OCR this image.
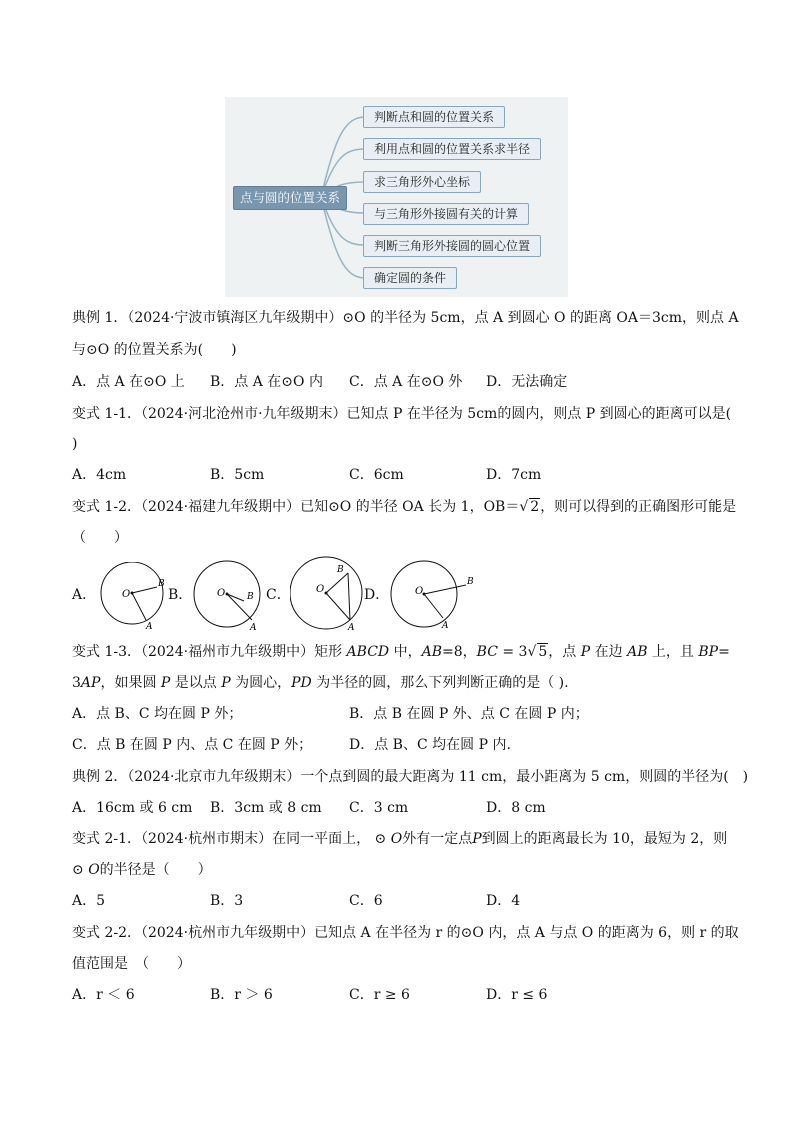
点与圆的位置关系
判断点和圆的位置关系
利用点和圆的位置关系求半径
求三角形外心坐标
与三角形外接圆有关的计算
判断三角形外接圆的圆心位置
确定圆的条件
典例 1．（2024·宁波市镇海区九年级期中）⊙O 的半径为 5cm，点 A 到圆心 O 的距离 OA＝3cm，则点 A
与⊙O 的位置关系为(　　)
A．点 A 在⊙O 上 B．点 A 在⊙O 内 C．点 A 在⊙O 外 D．无法确定
变式 1-1．（2024·河北沧州市·九年级期末）已知点 P 在半径为 5cm的圆内，则点 P 到圆心的距离可以是(
)
A．4cm	B．5cm	C．6cm	D．7cm
变式 1-2．（2024·福建九年级期中）已知⊙O 的半径 OA 长为 1，OB＝√ 2，则可以得到的正确图形可能是
（　　）
A．	O
B
A
B． O B
A
C．	O
B
A
D．	O
B
A
变式 1-3．（2024·福州市九年级期中）矩形 ABCD 中，AB=8，BC = 3√ 5，点 P 在边 AB 上，且 BP=
3AP，如果圆 P 是以点 P 为圆心，PD 为半径的圆，那么下列判断正确的是（ ).
A．点 B、C 均在圆 P 外；	B．点 B 在圆 P 外、点 C 在圆 P 内；
C．点 B 在圆 P 内、点 C 在圆 P 外；	D．点 B、C 均在圆 P 内.
典例 2．（2024·北京市九年级期末）一个点到圆的最大距离为 11 cm，最小距离为 5 cm，则圆的半径为(　)
A．16cm 或 6 cm B．3cm 或 8 cm C．3 cm	D．8 cm
变式 2-1．（2024·杭州市期末）在同一平面上， ⊙ O外有一定点P到圆上的距离最长为 10，最短为 2，则
⊙ O的半径是（　　）
A．5	B．3	C．6	D．4
变式 2-2．（2024·杭州市九年级期中）已知点 A 在半径为 r 的⊙O 内，点 A 与点 O 的距离为 6，则 r 的取
值范围是　（　　）
A．r ＜ 6	B．r ＞ 6	C．r ≥ 6	D．r ≤ 6
